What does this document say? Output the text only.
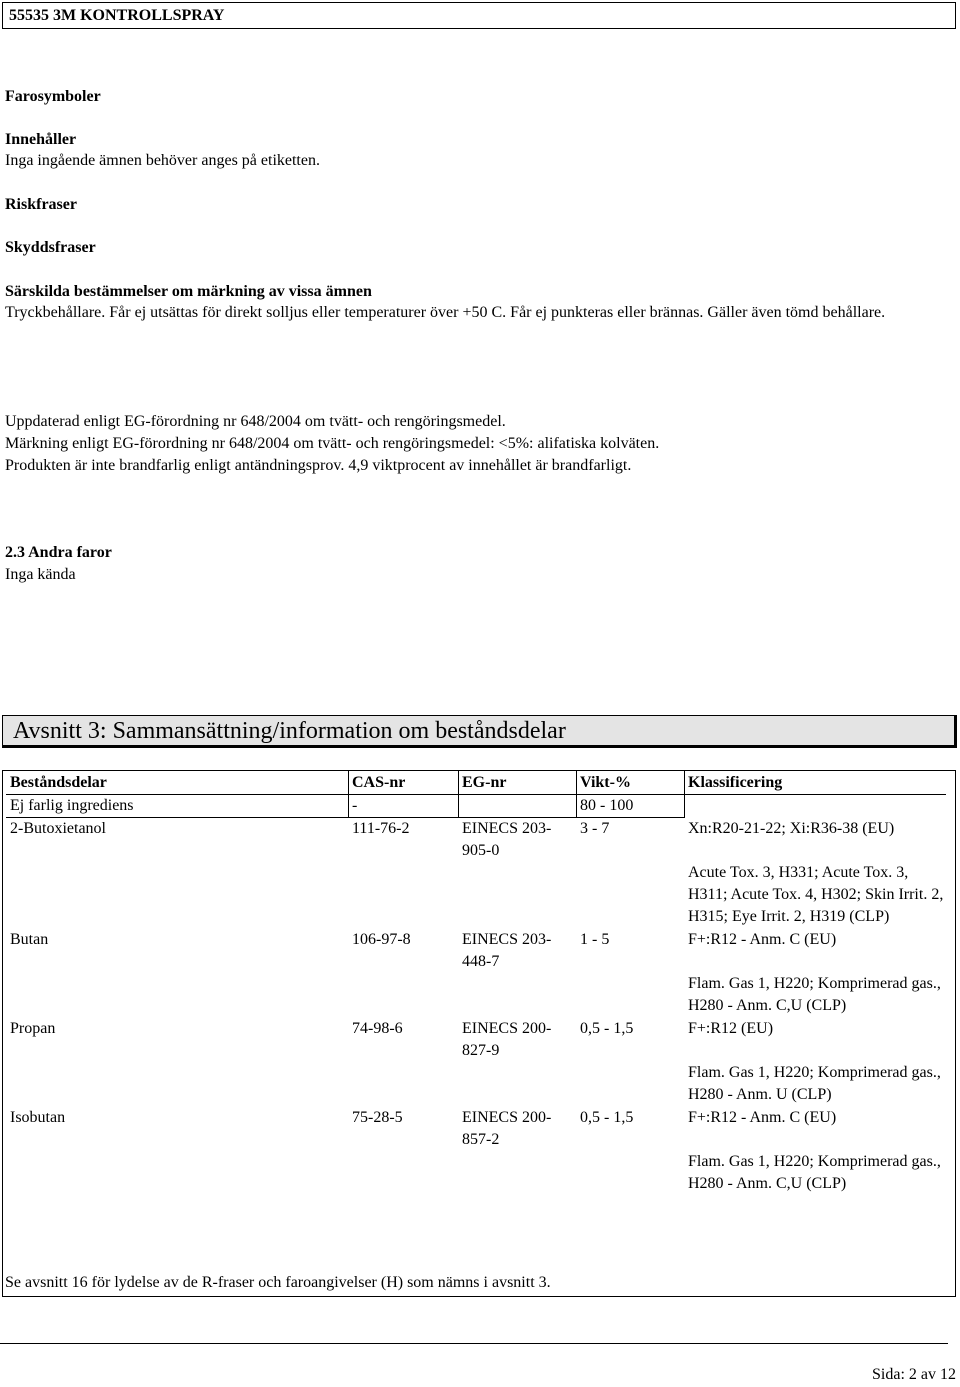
55535 3M KONTROLLSPRAY
Farosymboler
Innehåller
Inga ingående ämnen behöver anges på etiketten.
Riskfraser
Skyddsfraser
Särskilda bestämmelser om märkning av vissa ämnen
Tryckbehållare. Får ej utsättas för direkt solljus eller temperaturer över +50 C. Får ej punkteras eller brännas. Gäller även tömd behållare.
Uppdaterad enligt EG-förordning nr 648/2004 om tvätt- och rengöringsmedel.
Märkning enligt EG-förordning nr 648/2004 om tvätt- och rengöringsmedel: <5%: alifatiska kolväten.
Produkten är inte brandfarlig enligt antändningsprov. 4,9 viktprocent av innehållet är brandfarligt.
2.3 Andra faror
Inga kända
Avsnitt 3: Sammansättning/information om beståndsdelar
Beståndsdelar	CAS-nr	EG-nr	Vikt-%	Klassificering
Ej farlig ingrediens	-		80 - 100	
2-Butoxietanol	111-76-2	EINECS 203-905-0	3 - 7	Xn:R20-21-22; Xi:R36-38 (EU)
Acute Tox. 3, H331; Acute Tox. 3, H311; Acute Tox. 4, H302; Skin Irrit. 2, H315; Eye Irrit. 2, H319 (CLP)

Butan	106-97-8	EINECS 203-448-7	1 - 5	F+:R12 - Anm. C (EU)
Flam. Gas 1, H220; Komprimerad gas., H280 - Anm. C,U (CLP)

Propan	74-98-6	EINECS 200-827-9	0,5 - 1,5	F+:R12 (EU)
Flam. Gas 1, H220; Komprimerad gas., H280 - Anm. U (CLP)

Isobutan	75-28-5	EINECS 200-857-2	0,5 - 1,5	F+:R12 - Anm. C (EU)
Flam. Gas 1, H220; Komprimerad gas., H280 - Anm. C,U (CLP)
Se avsnitt 16 för lydelse av de R-fraser och faroangivelser (H) som nämns i avsnitt 3.
Sida: 2 av 12
